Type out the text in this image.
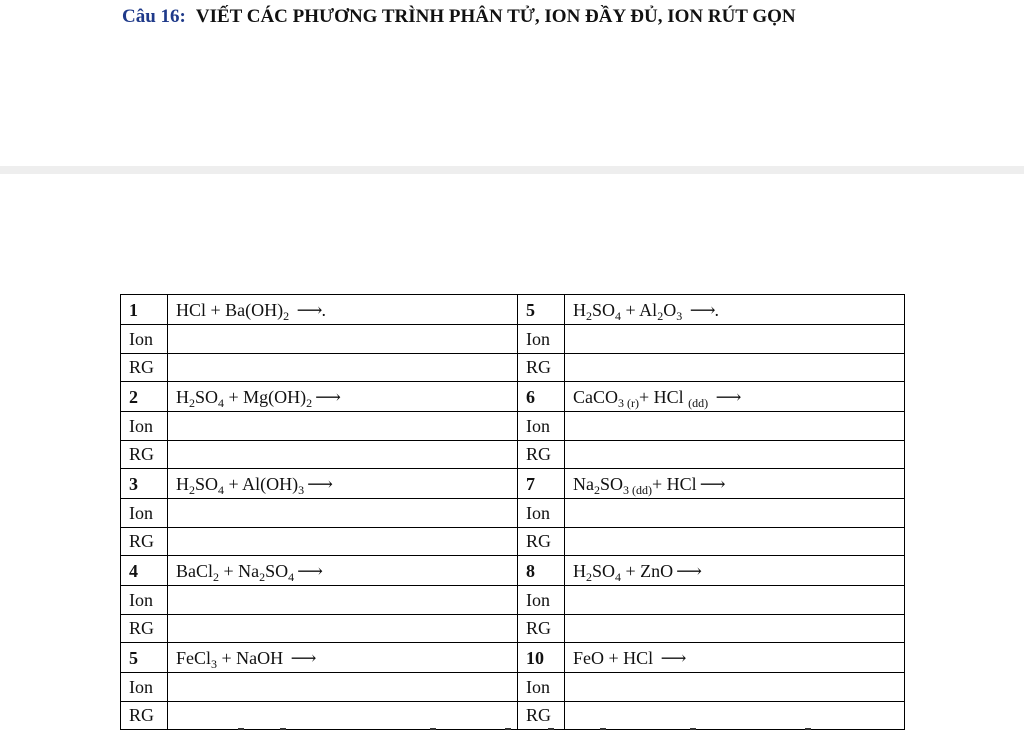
Câu 16: VIẾT CÁC PHƯƠNG TRÌNH PHÂN TỬ, ION ĐẦY ĐỦ, ION RÚT GỌN
1	HCl + $Ba(OH)_2$ ⟶.	5	$H_2SO_4 + Al_2O_3$ ⟶.
Ion		Ion	
RG		RG	
2	$H_2SO_4 + Mg(OH)_2$ ⟶	6	CaCO$_{3 (r)}$+ HCl $_{(dd)}$ ⟶
Ion		Ion	
RG		RG	
3	$H_2SO_4 + Al(OH)_3$ ⟶	7	$Na_2SO_{3 (dd)}+$ HCl ⟶
Ion		Ion	
RG		RG	
4	BaCl$_2$ + $Na_2SO_4$ ⟶	8	$H_2SO_4$ + ZnO ⟶
Ion		Ion	
RG		RG	
5	FeCl$_3$ + NaOH ⟶	10	FeO + HCl ⟶
Ion		Ion	
RG		RG	
